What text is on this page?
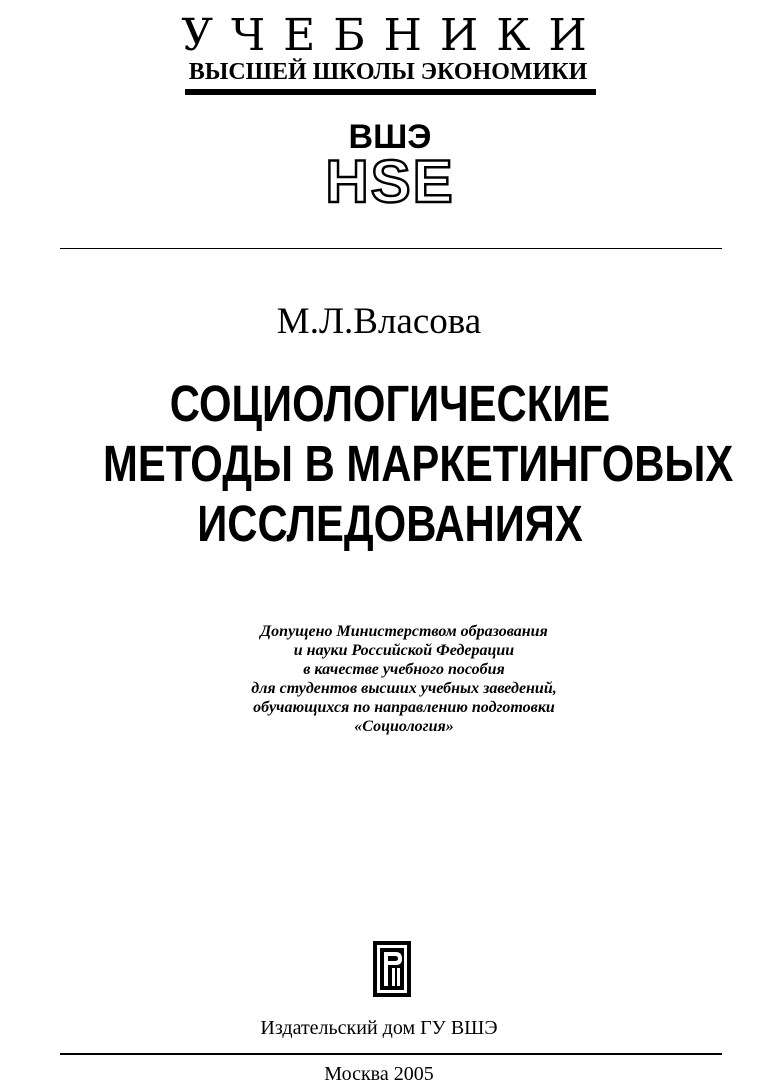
УЧЕБНИКИ
ВЫСШЕЙ ШКОЛЫ ЭКОНОМИКИ
ВШЭ
HSE
М.Л.Власова
СОЦИОЛОГИЧЕСКИЕ
МЕТОДЫ В МАРКЕТИНГОВЫХ
ИССЛЕДОВАНИЯХ
Допущено Министерством образования
и науки Российской Федерации
в качестве учебного пособия
для студентов высших учебных заведений,
обучающихся по направлению подготовки
«Социология»
Издательский дом ГУ ВШЭ
Москва 2005
